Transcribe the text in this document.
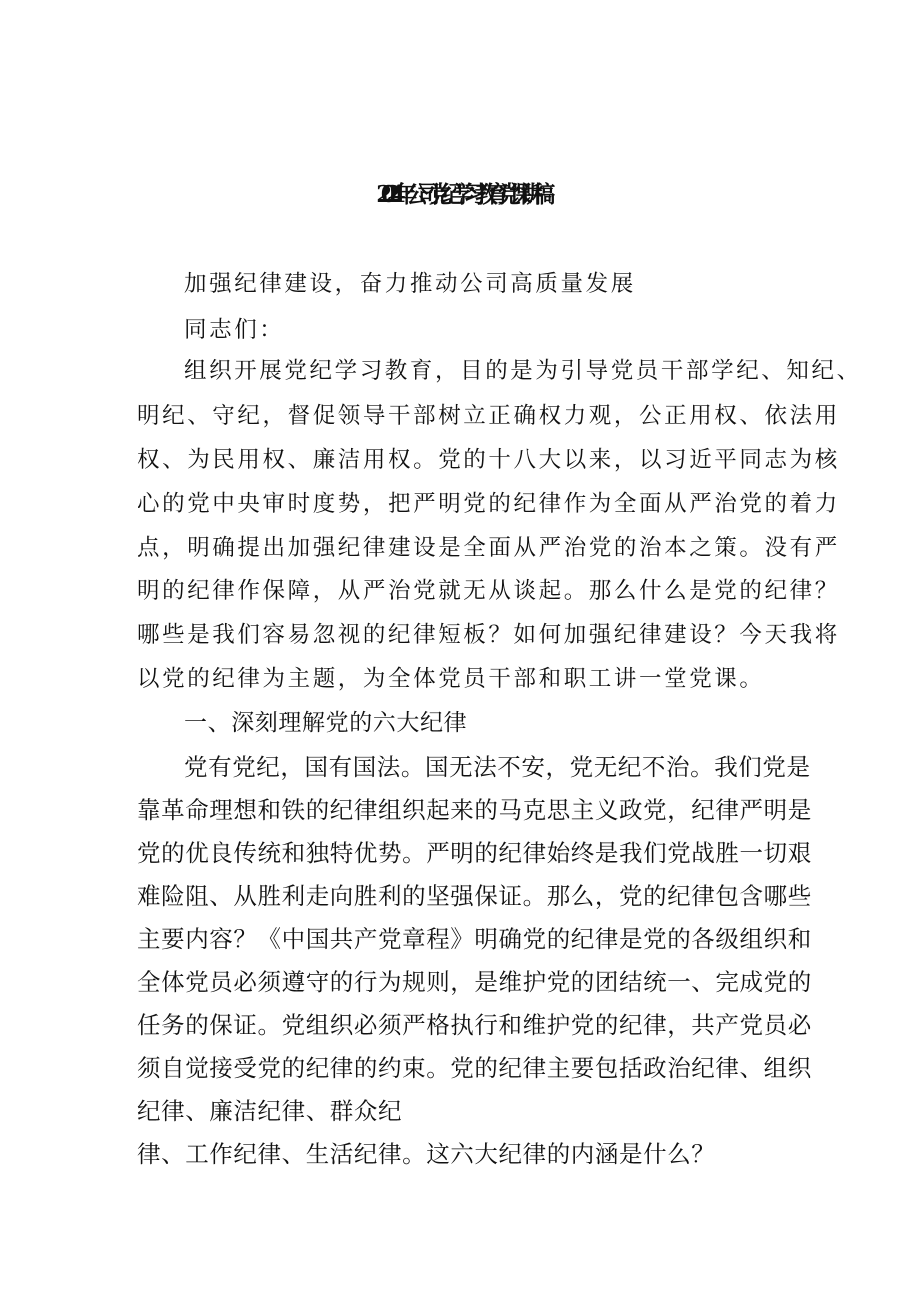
2024年公司党纪学习教育党课讲稿
加强纪律建设，奋力推动公司高质量发展
同志们：
组织开展党纪学习教育，目的是为引导党员干部学纪、知纪、
明纪、守纪，督促领导干部树立正确权力观，公正用权、依法用
权、为民用权、廉洁用权。党的十八大以来，以习近平同志为核
心的党中央审时度势，把严明党的纪律作为全面从严治党的着力
点，明确提出加强纪律建设是全面从严治党的治本之策。没有严
明的纪律作保障，从严治党就无从谈起。那么什么是党的纪律？
哪些是我们容易忽视的纪律短板？如何加强纪律建设？今天我将
以党的纪律为主题，为全体党员干部和职工讲一堂党课。
一、深刻理解党的六大纪律
党有党纪，国有国法。国无法不安，党无纪不治。我们党是
靠革命理想和铁的纪律组织起来的马克思主义政党，纪律严明是
党的优良传统和独特优势。严明的纪律始终是我们党战胜一切艰
难险阻、从胜利走向胜利的坚强保证。那么，党的纪律包含哪些
主要内容？《中国共产党章程》明确党的纪律是党的各级组织和
全体党员必须遵守的行为规则，是维护党的团结统一、完成党的
任务的保证。党组织必须严格执行和维护党的纪律，共产党员必
须自觉接受党的纪律的约束。党的纪律主要包括政治纪律、组织
纪律、廉洁纪律、群众纪
律、工作纪律、生活纪律。这六大纪律的内涵是什么？
